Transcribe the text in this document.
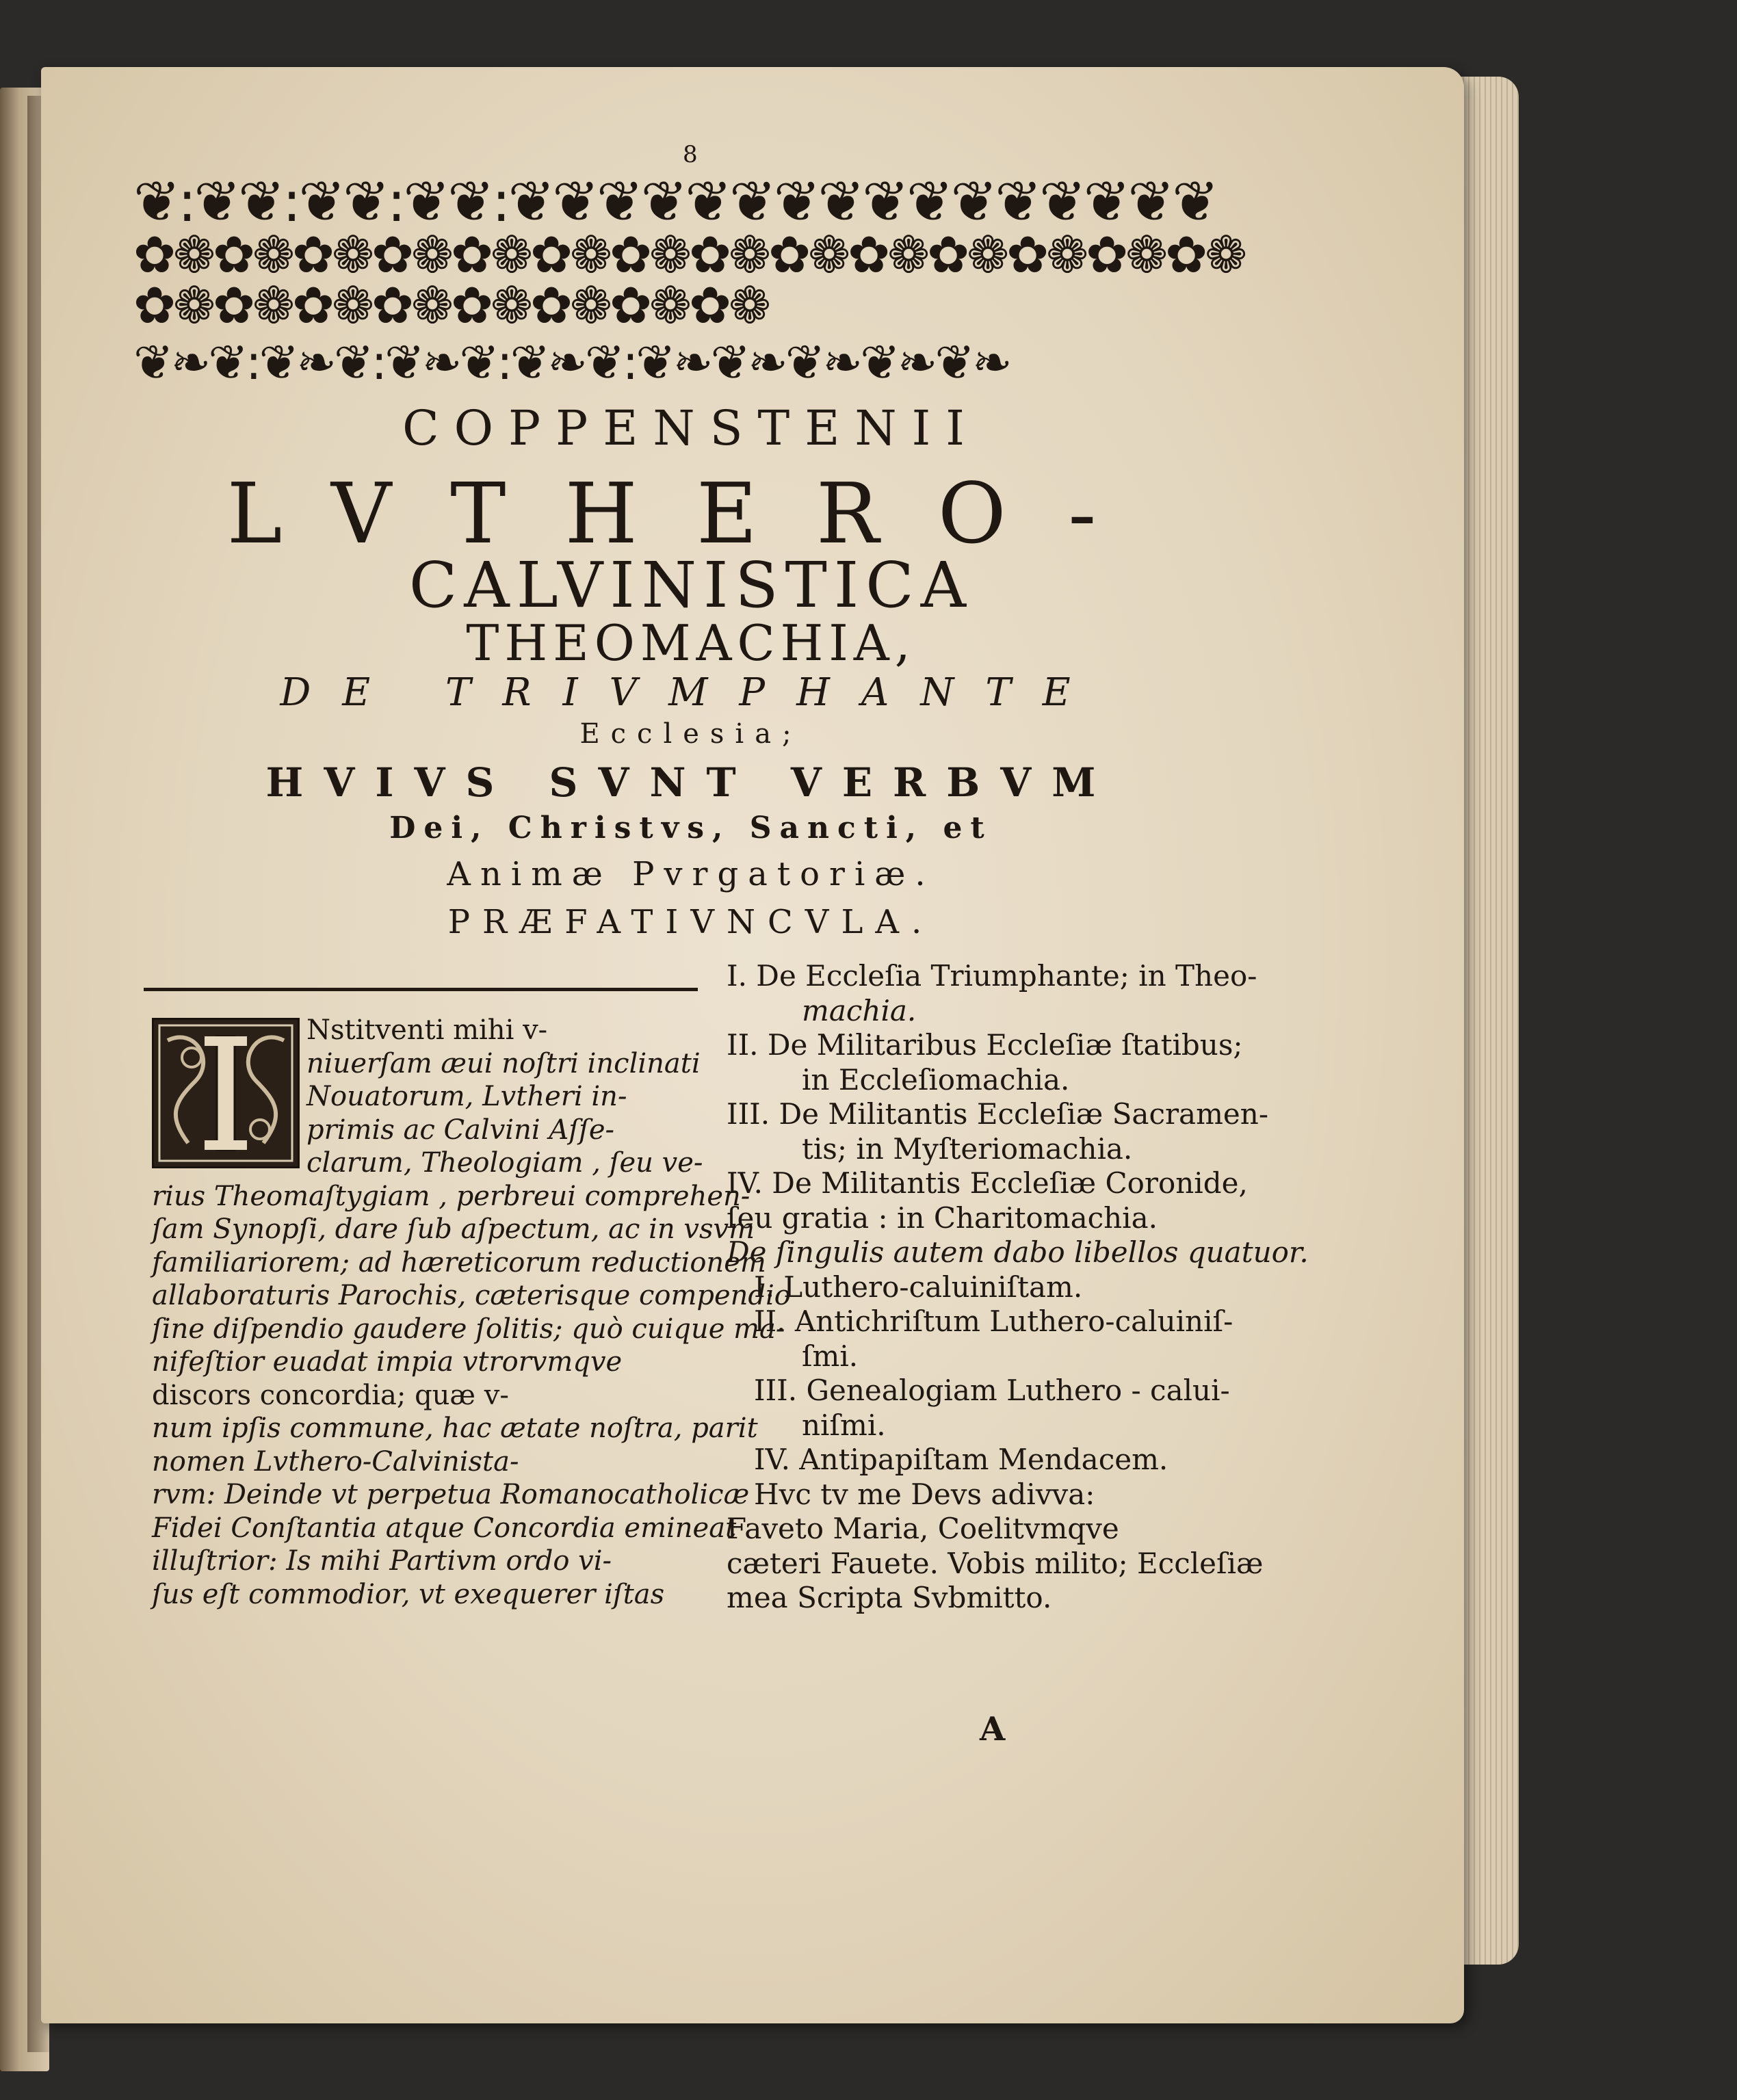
8
❦:❦❦:❦❦:❦❦:❦❦❦❦❦❦❦❦❦❦❦❦❦❦❦❦
✿❁✿❁✿❁✿❁✿❁✿❁✿❁✿❁✿❁✿❁✿❁✿❁✿❁✿❁✿❁✿❁✿❁✿❁✿❁✿❁✿❁✿❁
❦❧❦:❦❧❦:❦❧❦:❦❧❦:❦❧❦❧❦❧❦❧❦❧
COPPENSTENII
LVTHERO-
CALVINISTICA
THEOMACHIA,
DE TRIVMPHANTE
Ecclesia;
HVIVS SVNT VERBVM
Dei, Christvs, Sancti, et
Animæ Pvrgatoriæ.
PRÆFATIVNCVLA.
Nstitventi mihi v-
niuerſam æui noſtri inclinati
Nouatorum, Lvtheri in-
primis ac Calvini Aſſe-
clarum, Theologiam , ſeu ve-
rius Theomaſtygiam , perbreui comprehen-
ſam Synopſi, dare ſub aſpectum, ac in vsvm
familiariorem; ad hæreticorum reductionem
allaboraturis Parochis, cæterisque compendio
ſine diſpendio gaudere ſolitis; quò cuique ma-
nifeſtior euadat impia vtrorvmqve
discors concordia; quæ v-
num ipſis commune, hac ætate noſtra, parit
nomen Lvthero-Calvinista-
rvm: Deinde vt perpetua Romanocatholicæ
Fidei Conſtantia atque Concordia emineat
illuſtrior: Is mihi Partivm ordo vi-
ſus eſt commodior, vt exequerer iſtas
I. De Eccleſia Triumphante; in Theo-
machia.
II. De Militaribus Eccleſiæ ſtatibus;
in Eccleſiomachia.
III. De Militantis Eccleſiæ Sacramen-
tis; in Myſteriomachia.
IV. De Militantis Eccleſiæ Coronide,
ſeu gratia : in Charitomachia.
De ſingulis autem dabo libellos quatuor.
I. Luthero-caluiniſtam.
II. Antichriſtum Luthero-caluiniſ-
ſmi.
III. Genealogiam Luthero - calui-
niſmi.
IV. Antipapiſtam Mendacem.
Hvc tv me Devs adivva:
Faveto Maria, Coelitvmqve
cæteri Fauete. Vobis milito; Eccleſiæ
mea Scripta Svbmitto.
A
